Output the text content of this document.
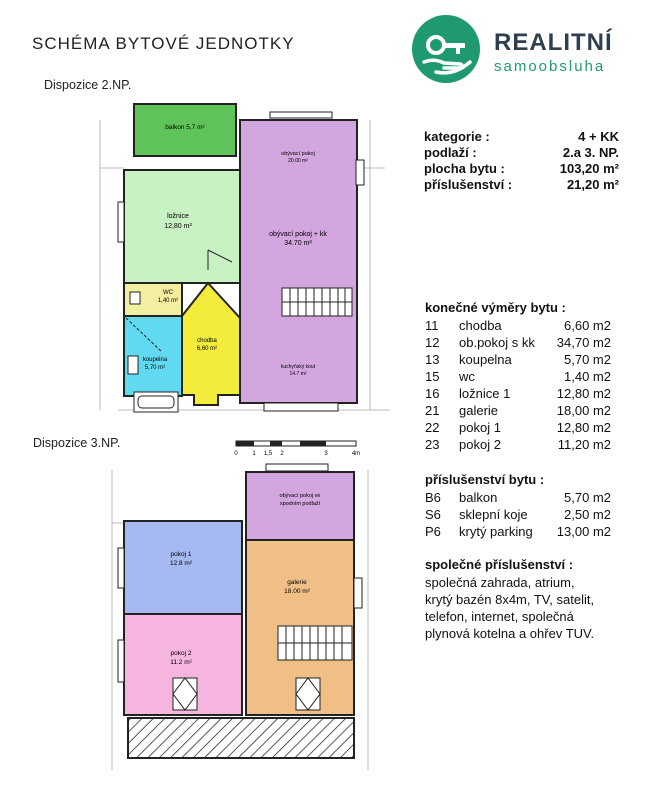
SCHÉMA BYTOVÉ JEDNOTKY
Dispozice 2.NP.
Dispozice 3.NP.
REALITNÍ
samoobsluha
kategorie :	4 + KK
podlaží :	2.a 3. NP.
plocha bytu :	103,20 m²
příslušenství :	21,20 m²
konečné výměry bytu :
11 chodba	6,60 m2
12 ob.pokoj s kk	34,70 m2
13 koupelna	5,70 m2
15 wc	1,40 m2
16 ložnice 1	12,80 m2
21 galerie	18,00 m2
22 pokoj 1	12,80 m2
23 pokoj 2	11,20 m2
příslušenství bytu :
B6 balkon	5,70 m2
S6 sklepní koje	2,50 m2
P6 krytý parking	13,00 m2
společné příslušenství :
společná zahrada, atrium,
krytý bazén 8x4m, TV, satelit,
telefon, internet, společná
plynová kotelna a ohřev TUV.
balkon 5,7 m²
obývací pokoj
20.00 m²
obývací pokoj + kk
34.70 m²
kuchyňský kout
14.7 m²
ložnice
12,80 m²
WC
1,40 m²
koupelna
5,70 m²
chodba
6,60 m²
0 1 1,5 2	3	4m
obývací pokoj ve
spodním podlaží
pokoj 1
12.8 m²
pokoj 2
11.2 m²
galerie
18.00 m²
